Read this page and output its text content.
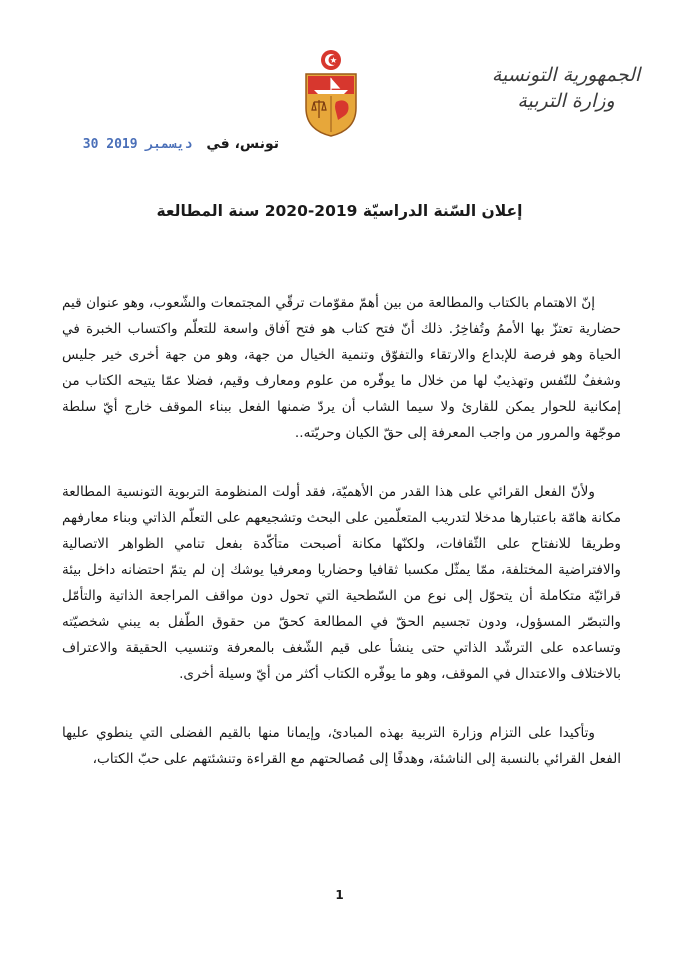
الجمهورية التونسية
وزارة التربية
تونس، في
30 ديسمبر 2019
إعلان السّنة الدراسيّة 2019-2020 سنة المطالعة

إنّ الاهتمام بالكتاب والمطالعة من بين أهمّ مقوّمات ترقّي المجتمعات والشّعوب، وهو عنوان قيم حضارية تعتزّ بها الأممُ وتُفاخِرُ. ذلك أنّ فتح كتاب هو فتح آفاق واسعة للتعلّم واكتساب الخبرة في الحياة وهو فرصة للإبداع والارتقاء والتفوّق وتنمية الخيال من جهة، وهو من جهة أخرى خير جليس وشغفٌ للنّفس وتهذيبٌ لها من خلال ما يوفّره من علوم ومعارف وقيم، فضلا عمّا يتيحه الكتاب من إمكانية للحوار يمكن للقارئ ولا سيما الشاب أن يردّ ضمنها الفعل ببناء الموقف خارج أيّ سلطة موجّهة والمرور من واجب المعرفة إلى حقّ الكيان وحريّته..

ولأنّ الفعل القرائي على هذا القدر من الأهميّة، فقد أولت المنظومة التربوية التونسية المطالعة مكانة هامّة باعتبارها مدخلا لتدريب المتعلّمين على البحث وتشجيعهم على التعلّم الذاتي وبناء معارفهم وطريقا للانفتاح على الثّقافات، ولكنّها مكانة أصبحت متأكّدة بفعل تنامي الظواهر الاتصالية والافتراضية المختلفة، ممّا يمثّل مكسبا ثقافيا وحضاريا ومعرفيا يوشك إن لم يتمّ احتضانه داخل بيئة قرائيّة متكاملة أن يتحوّل إلى نوع من السّطحية التي تحول دون مواقف المراجعة الذاتية والتأمّل والتبصّر المسؤول، ودون تجسيم الحقّ في المطالعة كحقّ من حقوق الطّفل به يبني شخصيّته وتساعده على الترشّد الذاتي حتى ينشأ على قيم الشّغف بالمعرفة وتنسيب الحقيقة والاعتراف بالاختلاف والاعتدال في الموقف، وهو ما يوفّره الكتاب أكثر من أيّ وسيلة أخرى.

وتأكيدا على التزام وزارة التربية بهذه المبادئ، وإيمانا منها بالقيم الفضلى التي ينطوي عليها الفعل القرائي بالنسبة إلى الناشئة، وهدفًا إلى مُصالحتهم مع القراءة وتنشئتهم على حبّ الكتاب،

1
